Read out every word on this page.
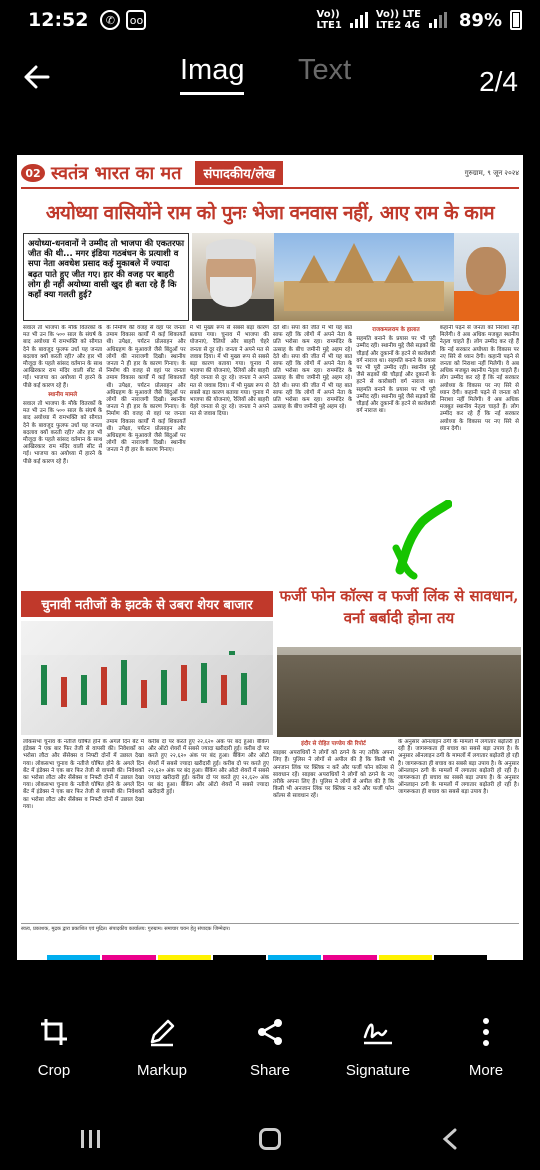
12:52	✆	oo	Vo))
LTE1
Vo)) LTE
LTE2 4G 89%
Imag Text	2/4
02 स्वतंत्र भारत का मत	संपादकीय/लेख	गुरुग्राम, ९ जून २०२४
अयोध्या वासियोंने राम को पुनः भेजा वनवास नहीं, आए राम के काम
अयोध्या-धनवानों ने उम्मीद तो भाजपा की एकतरफा जीत की थी... मगर इंडिया गठबंधन के प्रत्याशी व सपा नेता अवधेश प्रसाद कई मुकाबले में ज्यादा बढ़त पाते हुए जीत गए। हार की वजह पर बाहरी लोग ही नहीं अयोध्या वासी खुद ही बता रहे हैं कि कहाँ क्या गलती हुई?
सवाल तो भाजपा के मौके वितरकों के मत भी उन कि ५०० साल के संघर्ष के बाद अयोध्या में रामभक्ति को सौगात देने के बावजूद फुलफ उर्धा यह जनता बदलाव क्यों करती रही? और हार भी मौजूदा के पहले सांसद वर्तमान के साथ आखिरकार राम मंदिर वाली सीट से गई। भाजपा का अयोध्या में हारने के पीछे कई कारण रहे हैं।
स्थानीय मामले
सवाल तो भाजपा के मौके वितरकों के मत भी उन कि ५०० साल के संघर्ष के बाद अयोध्या में रामभक्ति को सौगात देने के बावजूद फुलफ उर्धा यह जनता बदलाव क्यों करती रही? और हार भी मौजूदा के पहले सांसद वर्तमान के साथ आखिरकार राम मंदिर वाली सीट से गई। भाजपा का अयोध्या में हारने के पीछे कई कारण रहे हैं।
के निर्माण की वजह से वहां पर जनता तमाम विकास कार्यों में कई शिकायतें थी। उपेक्षा, पर्यटन प्रोत्साहन और अधिग्रहण के मुआवजे जैसे बिंदुओं पर लोगों की नाराजगी दिखी। स्थानीय जनता ने ही हार के कारण गिनाए। के निर्माण की वजह से वहां पर जनता तमाम विकास कार्यों में कई शिकायतें थी। उपेक्षा, पर्यटन प्रोत्साहन और अधिग्रहण के मुआवजे जैसे बिंदुओं पर लोगों की नाराजगी दिखी। स्थानीय जनता ने ही हार के कारण गिनाए। के निर्माण की वजह से वहां पर जनता तमाम विकास कार्यों में कई शिकायतें थी। उपेक्षा, पर्यटन प्रोत्साहन और अधिग्रहण के मुआवजे जैसे बिंदुओं पर लोगों की नाराजगी दिखी। स्थानीय जनता ने ही हार के कारण गिनाए।
में भी मुख्य रूप से सबसे बड़ा कारण बताया गया। चुनाव में भाजपा की योजनाएं, रैलियों और बाहरी चेहरे जनता से दूर रहे। जनता ने अपने मत से जवाब दिया। में भी मुख्य रूप से सबसे बड़ा कारण बताया गया। चुनाव में भाजपा की योजनाएं, रैलियों और बाहरी चेहरे जनता से दूर रहे। जनता ने अपने मत से जवाब दिया। में भी मुख्य रूप से सबसे बड़ा कारण बताया गया। चुनाव में भाजपा की योजनाएं, रैलियों और बाहरी चेहरे जनता से दूर रहे। जनता ने अपने मत से जवाब दिया।
देते थी। सपा की जीत में भी यह बात साफ रही कि लोगों में अपने नेता के प्रति भरोसा कम रहा। राममंदिर के उत्साह के बीच जमीनी मुद्दे अहम रहे। देते थी। सपा की जीत में भी यह बात साफ रही कि लोगों में अपने नेता के प्रति भरोसा कम रहा। राममंदिर के उत्साह के बीच जमीनी मुद्दे अहम रहे। देते थी। सपा की जीत में भी यह बात साफ रही कि लोगों में अपने नेता के प्रति भरोसा कम रहा। राममंदिर के उत्साह के बीच जमीनी मुद्दे अहम रहे।
राजकमलराम के हालात
सहमति बनाने के प्रयास पर भी पूरी उम्मीद रही। स्थानीय मुद्दे जैसे सड़कों की चौड़ाई और दुकानों के हटने से कारोबारी वर्ग नाराज था। सहमति बनाने के प्रयास पर भी पूरी उम्मीद रही। स्थानीय मुद्दे जैसे सड़कों की चौड़ाई और दुकानों के हटने से कारोबारी वर्ग नाराज था। सहमति बनाने के प्रयास पर भी पूरी उम्मीद रही। स्थानीय मुद्दे जैसे सड़कों की चौड़ाई और दुकानों के हटने से कारोबारी वर्ग नाराज था।
कहानी पढ़ने से जनता को निराशा नहीं मिलेगी। वे अब अधिक मजबूत स्थानीय नेतृत्व चाहते हैं। लोग उम्मीद कर रहे हैं कि नई सरकार अयोध्या के विकास पर नए सिरे से ध्यान देगी। कहानी पढ़ने से जनता को निराशा नहीं मिलेगी। वे अब अधिक मजबूत स्थानीय नेतृत्व चाहते हैं। लोग उम्मीद कर रहे हैं कि नई सरकार अयोध्या के विकास पर नए सिरे से ध्यान देगी। कहानी पढ़ने से जनता को निराशा नहीं मिलेगी। वे अब अधिक मजबूत स्थानीय नेतृत्व चाहते हैं। लोग उम्मीद कर रहे हैं कि नई सरकार अयोध्या के विकास पर नए सिरे से ध्यान देगी।
चुनावी नतीजों के झटके से उबरा शेयर बाजार
फर्जी फोन कॉल्स व फर्जी लिंक से सावधान, वर्ना बर्बादी होना तय
लोकसभा चुनाव के नतीजे घोषित होने के अगले दिन बेंट में इंडेक्स ने एक बार फिर तेजी से वापसी की। निवेशकों का भरोसा लौटा और सेंसेक्स व निफ्टी दोनों में उछाल देखा गया। लोकसभा चुनाव के नतीजे घोषित होने के अगले दिन बेंट में इंडेक्स ने एक बार फिर तेजी से वापसी की। निवेशकों का भरोसा लौटा और सेंसेक्स व निफ्टी दोनों में उछाल देखा गया। लोकसभा चुनाव के नतीजे घोषित होने के अगले दिन बेंट में इंडेक्स ने एक बार फिर तेजी से वापसी की। निवेशकों का भरोसा लौटा और सेंसेक्स व निफ्टी दोनों में उछाल देखा गया।
करीब दो पर करते हुए २२,६२० अंक पर बंद हुआ। बैंकिंग और ऑटो शेयरों में सबसे ज्यादा खरीदारी हुई। करीब दो पर करते हुए २२,६२० अंक पर बंद हुआ। बैंकिंग और ऑटो शेयरों में सबसे ज्यादा खरीदारी हुई। करीब दो पर करते हुए २२,६२० अंक पर बंद हुआ। बैंकिंग और ऑटो शेयरों में सबसे ज्यादा खरीदारी हुई। करीब दो पर करते हुए २२,६२० अंक पर बंद हुआ। बैंकिंग और ऑटो शेयरों में सबसे ज्यादा खरीदारी हुई।
इंदौर से रोहित पाण्डेय की रिपोर्ट
साइबर अपराधियों ने लोगों को ठगने के नए तरीके अपना लिए हैं। पुलिस ने लोगों से अपील की है कि किसी भी अनजान लिंक पर क्लिक न करें और फर्जी फोन कॉल्स से सावधान रहें। साइबर अपराधियों ने लोगों को ठगने के नए तरीके अपना लिए हैं। पुलिस ने लोगों से अपील की है कि किसी भी अनजान लिंक पर क्लिक न करें और फर्जी फोन कॉल्स से सावधान रहें।
के अनुसार ऑनलाइन ठगी के मामलों में लगातार बढ़ोतरी हो रही है। जागरूकता ही बचाव का सबसे बड़ा उपाय है। के अनुसार ऑनलाइन ठगी के मामलों में लगातार बढ़ोतरी हो रही है। जागरूकता ही बचाव का सबसे बड़ा उपाय है। के अनुसार ऑनलाइन ठगी के मामलों में लगातार बढ़ोतरी हो रही है। जागरूकता ही बचाव का सबसे बड़ा उपाय है। के अनुसार ऑनलाइन ठगी के मामलों में लगातार बढ़ोतरी हो रही है। जागरूकता ही बचाव का सबसे बड़ा उपाय है।
स्वत्व, प्रकाशक, मुद्रक द्वारा प्रकाशित एवं मुद्रित। संपादकीय कार्यालय: गुरुग्राम। समाचार चयन हेतु संपादक जिम्मेदार।
Crop	Markup	Share	Signature	More
